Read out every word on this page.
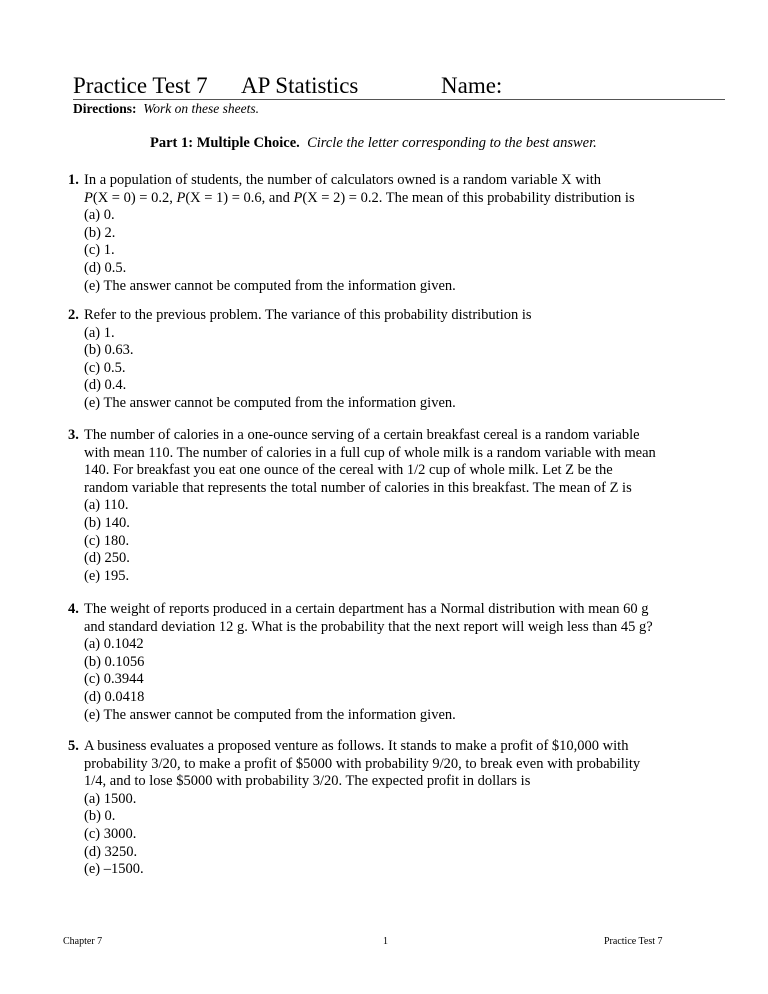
Practice Test 7 AP Statistics	Name:
Directions: Work on these sheets.
Part 1: Multiple Choice. Circle the letter corresponding to the best answer.
1. In a population of students, the number of calculators owned is a random variable X with
P(X = 0) = 0.2, P(X = 1) = 0.6, and P(X = 2) = 0.2. The mean of this probability distribution is
(a) 0.
(b) 2.
(c) 1.
(d) 0.5.
(e) The answer cannot be computed from the information given.
2. Refer to the previous problem. The variance of this probability distribution is
(a) 1.
(b) 0.63.
(c) 0.5.
(d) 0.4.
(e) The answer cannot be computed from the information given.
3. The number of calories in a one-ounce serving of a certain breakfast cereal is a random variable
with mean 110. The number of calories in a full cup of whole milk is a random variable with mean
140. For breakfast you eat one ounce of the cereal with 1/2 cup of whole milk. Let Z be the
random variable that represents the total number of calories in this breakfast. The mean of Z is
(a) 110.
(b) 140.
(c) 180.
(d) 250.
(e) 195.
4. The weight of reports produced in a certain department has a Normal distribution with mean 60 g
and standard deviation 12 g. What is the probability that the next report will weigh less than 45 g?
(a) 0.1042
(b) 0.1056
(c) 0.3944
(d) 0.0418
(e) The answer cannot be computed from the information given.
5. A business evaluates a proposed venture as follows. It stands to make a profit of $10,000 with
probability 3/20, to make a profit of $5000 with probability 9/20, to break even with probability
1/4, and to lose $5000 with probability 3/20. The expected profit in dollars is
(a) 1500.
(b) 0.
(c) 3000.
(d) 3250.
(e) –1500.
Chapter 7	1	Practice Test 7
